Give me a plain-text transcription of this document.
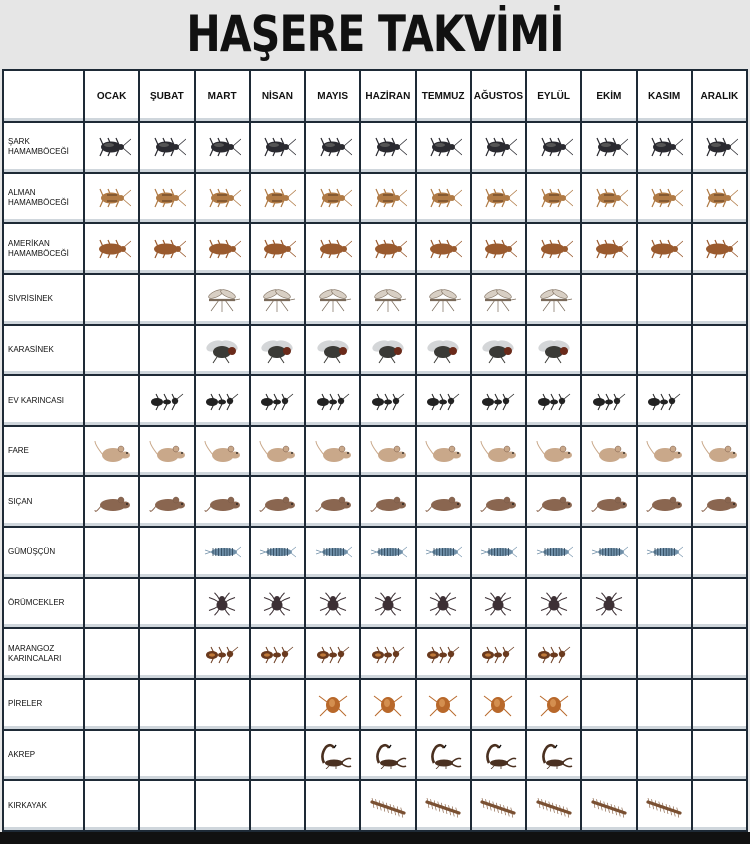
HAŞERE TAKVİMİ
OCAK	ŞUBAT	MART	NİSAN	MAYIS	HAZİRAN	TEMMUZ AĞUSTOS	EYLÜL	EKİM	KASIM	ARALIK
ŞARK HAMAMBÖCEĞİ
ALMAN HAMAMBÖCEĞİ
AMERİKAN HAMAMBÖCEĞİ
SİVRİSİNEK
KARASİNEK
EV KARINCASI
FARE
SIÇAN
GÜMÜŞÇÜN
ÖRÜMCEKLER
MARANGOZ KARINCALARI
PİRELER
AKREP
KIRKAYAK
